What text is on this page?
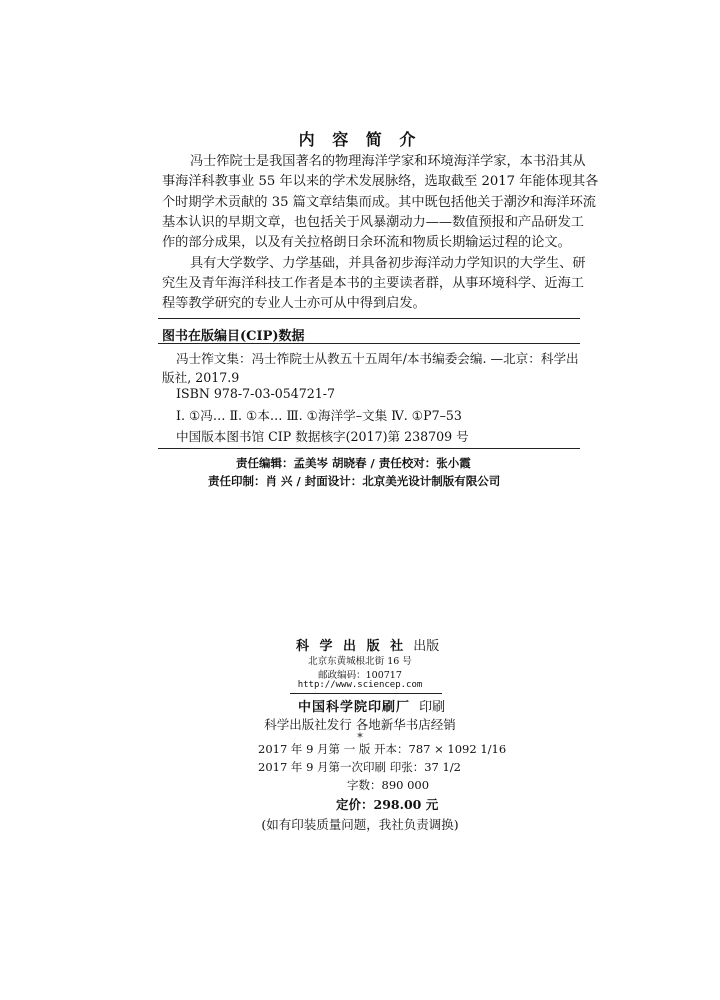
内 容 简 介
冯士筰院士是我国著名的物理海洋学家和环境海洋学家，本书沿其从
事海洋科教事业 55 年以来的学术发展脉络，选取截至 2017 年能体现其各
个时期学术贡献的 35 篇文章结集而成。其中既包括他关于潮汐和海洋环流
基本认识的早期文章，也包括关于风暴潮动力——数值预报和产品研发工
作的部分成果，以及有关拉格朗日余环流和物质长期输运过程的论文。
具有大学数学、力学基础，并具备初步海洋动力学知识的大学生、研
究生及青年海洋科技工作者是本书的主要读者群，从事环境科学、近海工
程等教学研究的专业人士亦可从中得到启发。
图书在版编目(CIP)数据
冯士筰文集：冯士筰院士从教五十五周年/本书编委会编. —北京：科学出
版社, 2017.9
ISBN 978-7-03-054721-7
Ⅰ. ①冯… Ⅱ. ①本… Ⅲ. ①海洋学–文集 Ⅳ. ①P7–53
中国版本图书馆 CIP 数据核字(2017)第 238709 号
责任编辑：孟美岑 胡晓春 / 责任校对：张小霞
责任印制：肖 兴 / 封面设计：北京美光设计制版有限公司
科 学 出 版 社 出版
北京东黄城根北街 16 号
邮政编码：100717
http://www.sciencep.com
中国科学院印刷厂 印刷
科学出版社发行 各地新华书店经销
*
2017 年 9 月第 一 版 开本：787 × 1092 1/16
2017 年 9 月第一次印刷 印张：37 1/2
字数：890 000
定价：298.00 元
(如有印装质量问题，我社负责调换)
